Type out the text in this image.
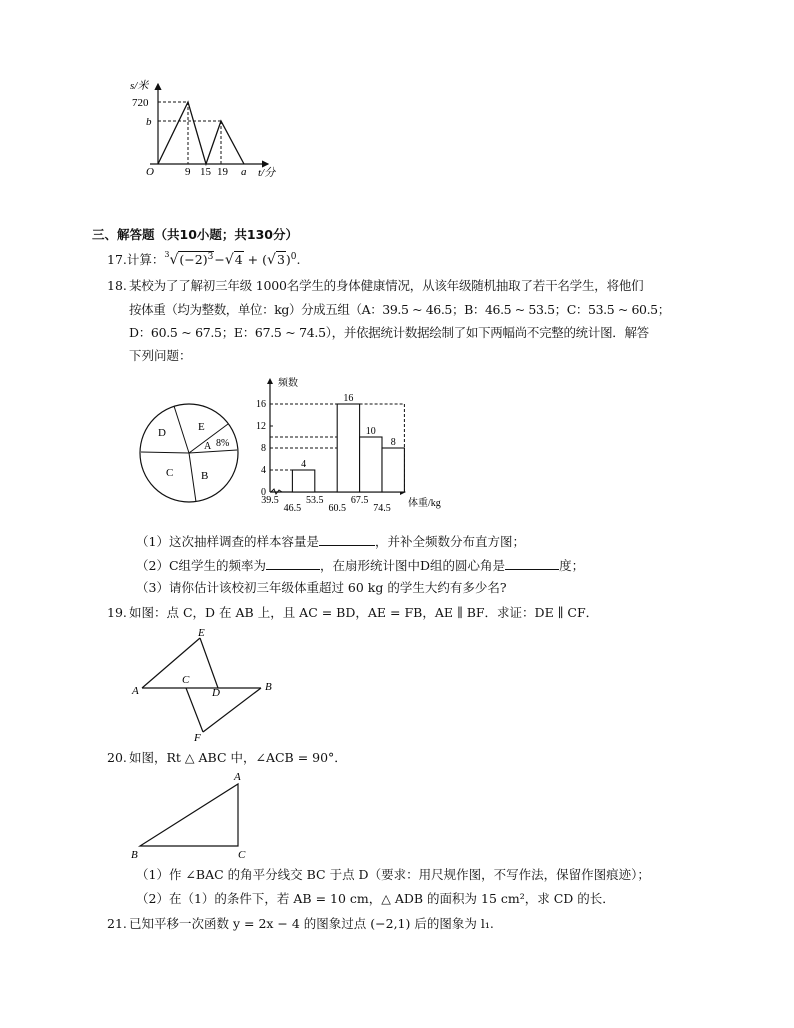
s/米
720
b
O	9 15 19 a t/分
三、解答题（共10小题；共130分）
17.计算：$^3√(-2)^3-√4 + (√3)^0$.
18. 某校为了了解初三年级 1000名学生的身体健康情况，从该年级随机抽取了若干名学生，将他们
按体重（均为整数，单位：kg）分成五组（A：39.5 ~ 46.5；B：46.5 ~ 53.5；C：53.5 ~ 60.5；
D：60.5 ~ 67.5；E：67.5 ~ 74.5），并依据统计数据绘制了如下两幅尚不完整的统计图．解答
下列问题：
D	E
A 8%
C	B
频数
体重/kg
0
4
8
12
16
39.5
46.5
53.5
60.5
67.5
74.5
4
16
10
8
（1）这次抽样调查的样本容量是	，并补全频数分布直方图；
（2）C组学生的频率为	，在扇形统计图中D组的圆心角是	度；
（3）请你估计该校初三年级体重超过 60 kg 的学生大约有多少名?
19. 如图：点 C，D 在 AB 上，且 AC = BD，AE = FB，AE ∥ BF．求证：DE ∥ CF．
E
A
C
D	B
F
20. 如图，Rt △ ABC 中，∠ACB = 90°．
A
B	C
（1）作 ∠BAC 的角平分线交 BC 于点 D（要求：用尺规作图，不写作法，保留作图痕迹）；
（2）在（1）的条件下，若 AB = 10 cm，△ ADB 的面积为 15 cm²，求 CD 的长．
21. 已知平移一次函数 y = 2x − 4 的图象过点 (−2,1) 后的图象为 l₁.
